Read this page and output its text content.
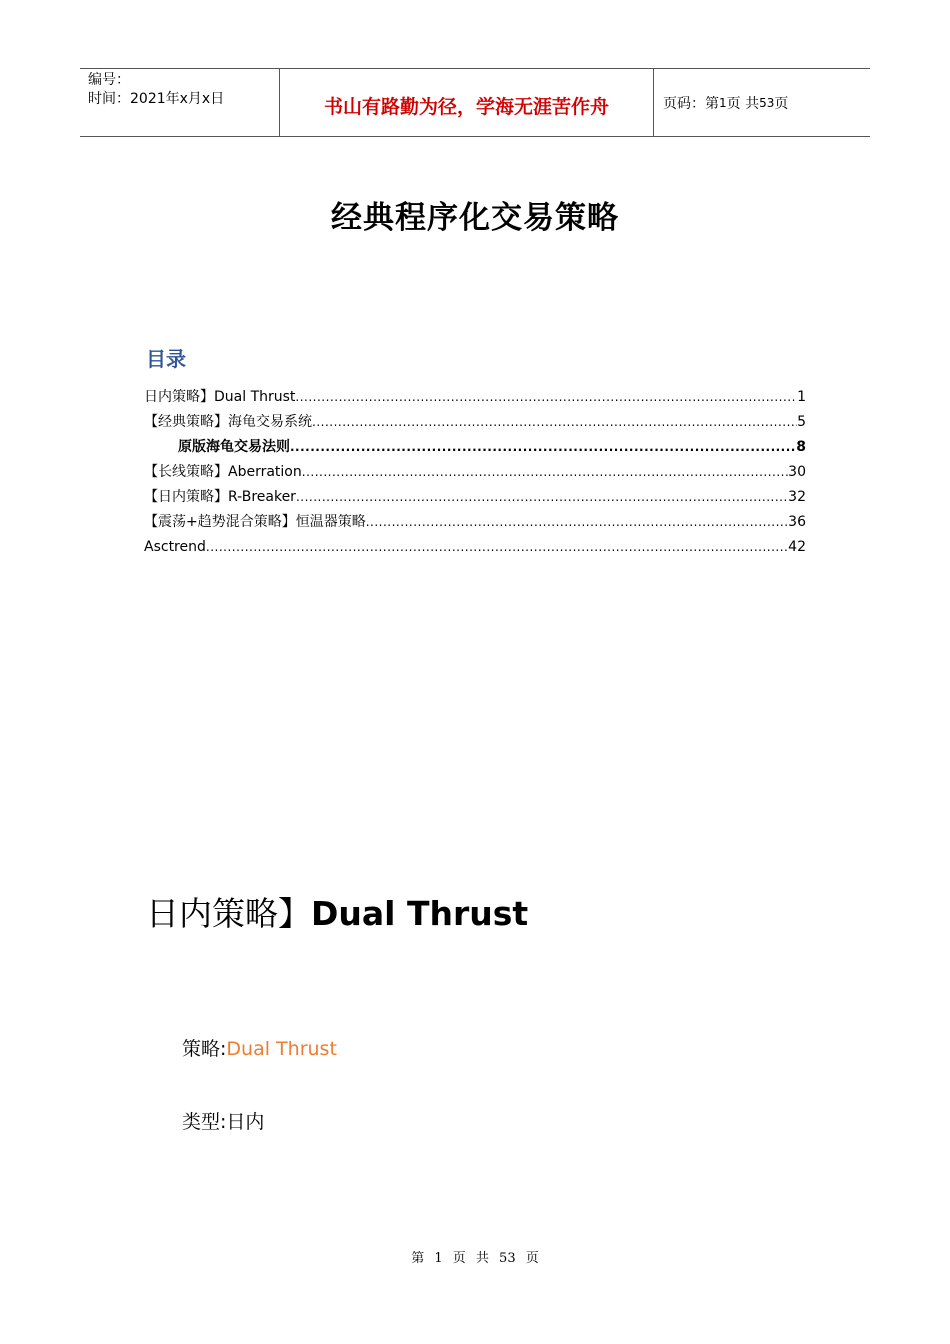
编号：
时间：2021年x月x日	书山有路勤为径，学海无涯苦作舟	页码：第 1 页 共 53 页
经典程序化交易策略
目录
日内策略】Dual Thrust .....	1
【经典策略】海龟交易系统 .....	5
原版海龟交易法则 .....	8
【长线策略】Aberration .....	30
【日内策略】R-Breaker .....	32
【震荡+趋势混合策略】恒温器策略 .....	36
Asctrend .....	42
日内策略】Dual Thrust
策略:Dual Thrust
类型:日内
第 1 页 共 53 页
